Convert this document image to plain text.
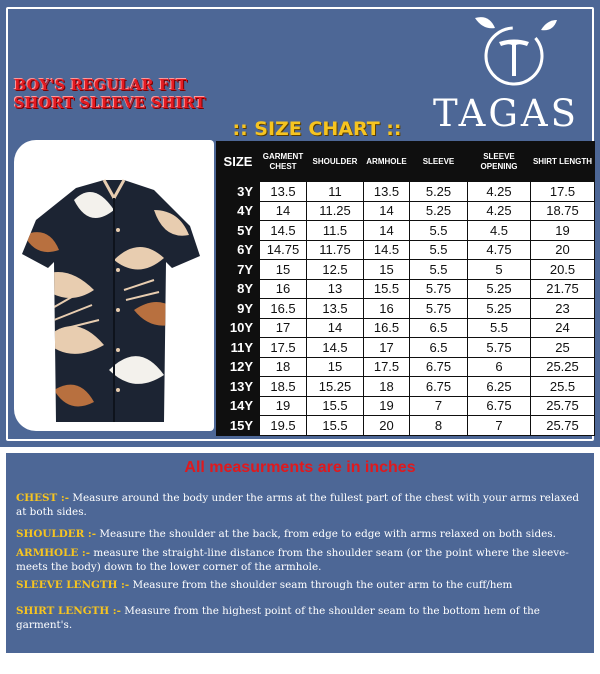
BOY'S REGULAR FIT
SHORT SLEEVE SHIRT
®
TAGAS
:: SIZE CHART ::
SIZE	GARMENT CHEST	SHOULDER	ARMHOLE	SLEEVE	SLEEVE OPENING	SHIRT LENGTH
3Y	13.5	11	13.5	5.25	4.25	17.5
4Y	14	11.25	14	5.25	4.25	18.75
5Y	14.5	11.5	14	5.5	4.5	19
6Y	14.75	11.75	14.5	5.5	4.75	20
7Y	15	12.5	15	5.5	5	20.5
8Y	16	13	15.5	5.75	5.25	21.75
9Y	16.5	13.5	16	5.75	5.25	23
10Y	17	14	16.5	6.5	5.5	24
11Y	17.5	14.5	17	6.5	5.75	25
12Y	18	15	17.5	6.75	6	25.25
13Y	18.5	15.25	18	6.75	6.25	25.5
14Y	19	15.5	19	7	6.75	25.75
15Y	19.5	15.5	20	8	7	25.75
All measurments are in inches
CHEST :- Measure around the body under the arms at the fullest part of the chest with your arms relaxed at both sides.
SHOULDER :- Measure the shoulder at the back, from edge to edge with arms relaxed on both sides.
ARMHOLE :- measure the straight-line distance from the shoulder seam (or the point where the sleeve-meets the body) down to the lower corner of the armhole.
SLEEVE LENGTH :- Measure from the shoulder seam through the outer arm to the cuff/hem
SHIRT LENGTH :- Measure from the highest point of the shoulder seam to the bottom hem of the garment's.
